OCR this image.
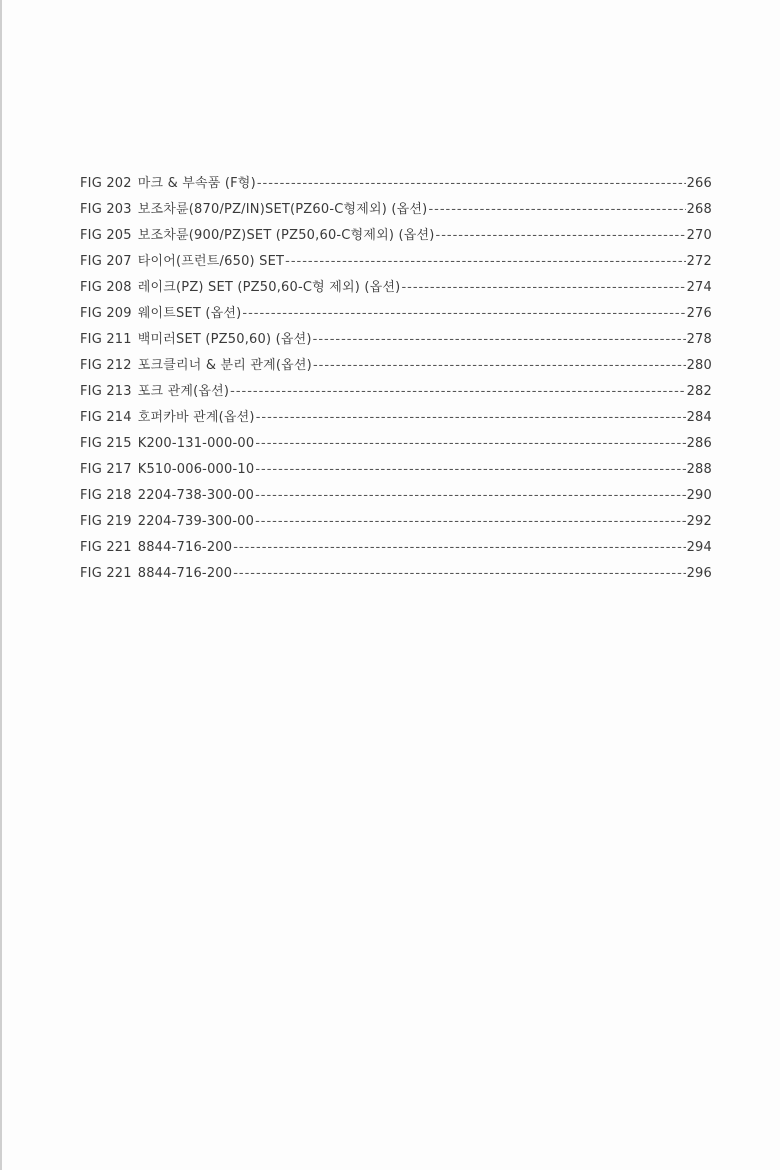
FIG 202 마크 & 부속품 (F형) -----	266
FIG 203 보조차륜(870/PZ/IN)SET(PZ60-C형제외) (옵션) -----	268
FIG 205 보조차륜(900/PZ)SET (PZ50,60-C형제외) (옵션) -----	270
FIG 207 타이어(프런트/650) SET -----	272
FIG 208 레이크(PZ) SET (PZ50,60-C형 제외) (옵션) -----	274
FIG 209 웨이트SET (옵션) -----	276
FIG 211 백미러SET (PZ50,60) (옵션) -----	278
FIG 212 포크클리너 & 분리 관계(옵션) -----	280
FIG 213 포크 관계(옵션) -----	282
FIG 214 호퍼카바 관계(옵션) -----	284
FIG 215 K200-131-000-00 -----	286
FIG 217 K510-006-000-10 -----	288
FIG 218 2204-738-300-00 -----	290
FIG 219 2204-739-300-00 -----	292
FIG 221 8844-716-200 -----	294
FIG 221 8844-716-200 -----	296
